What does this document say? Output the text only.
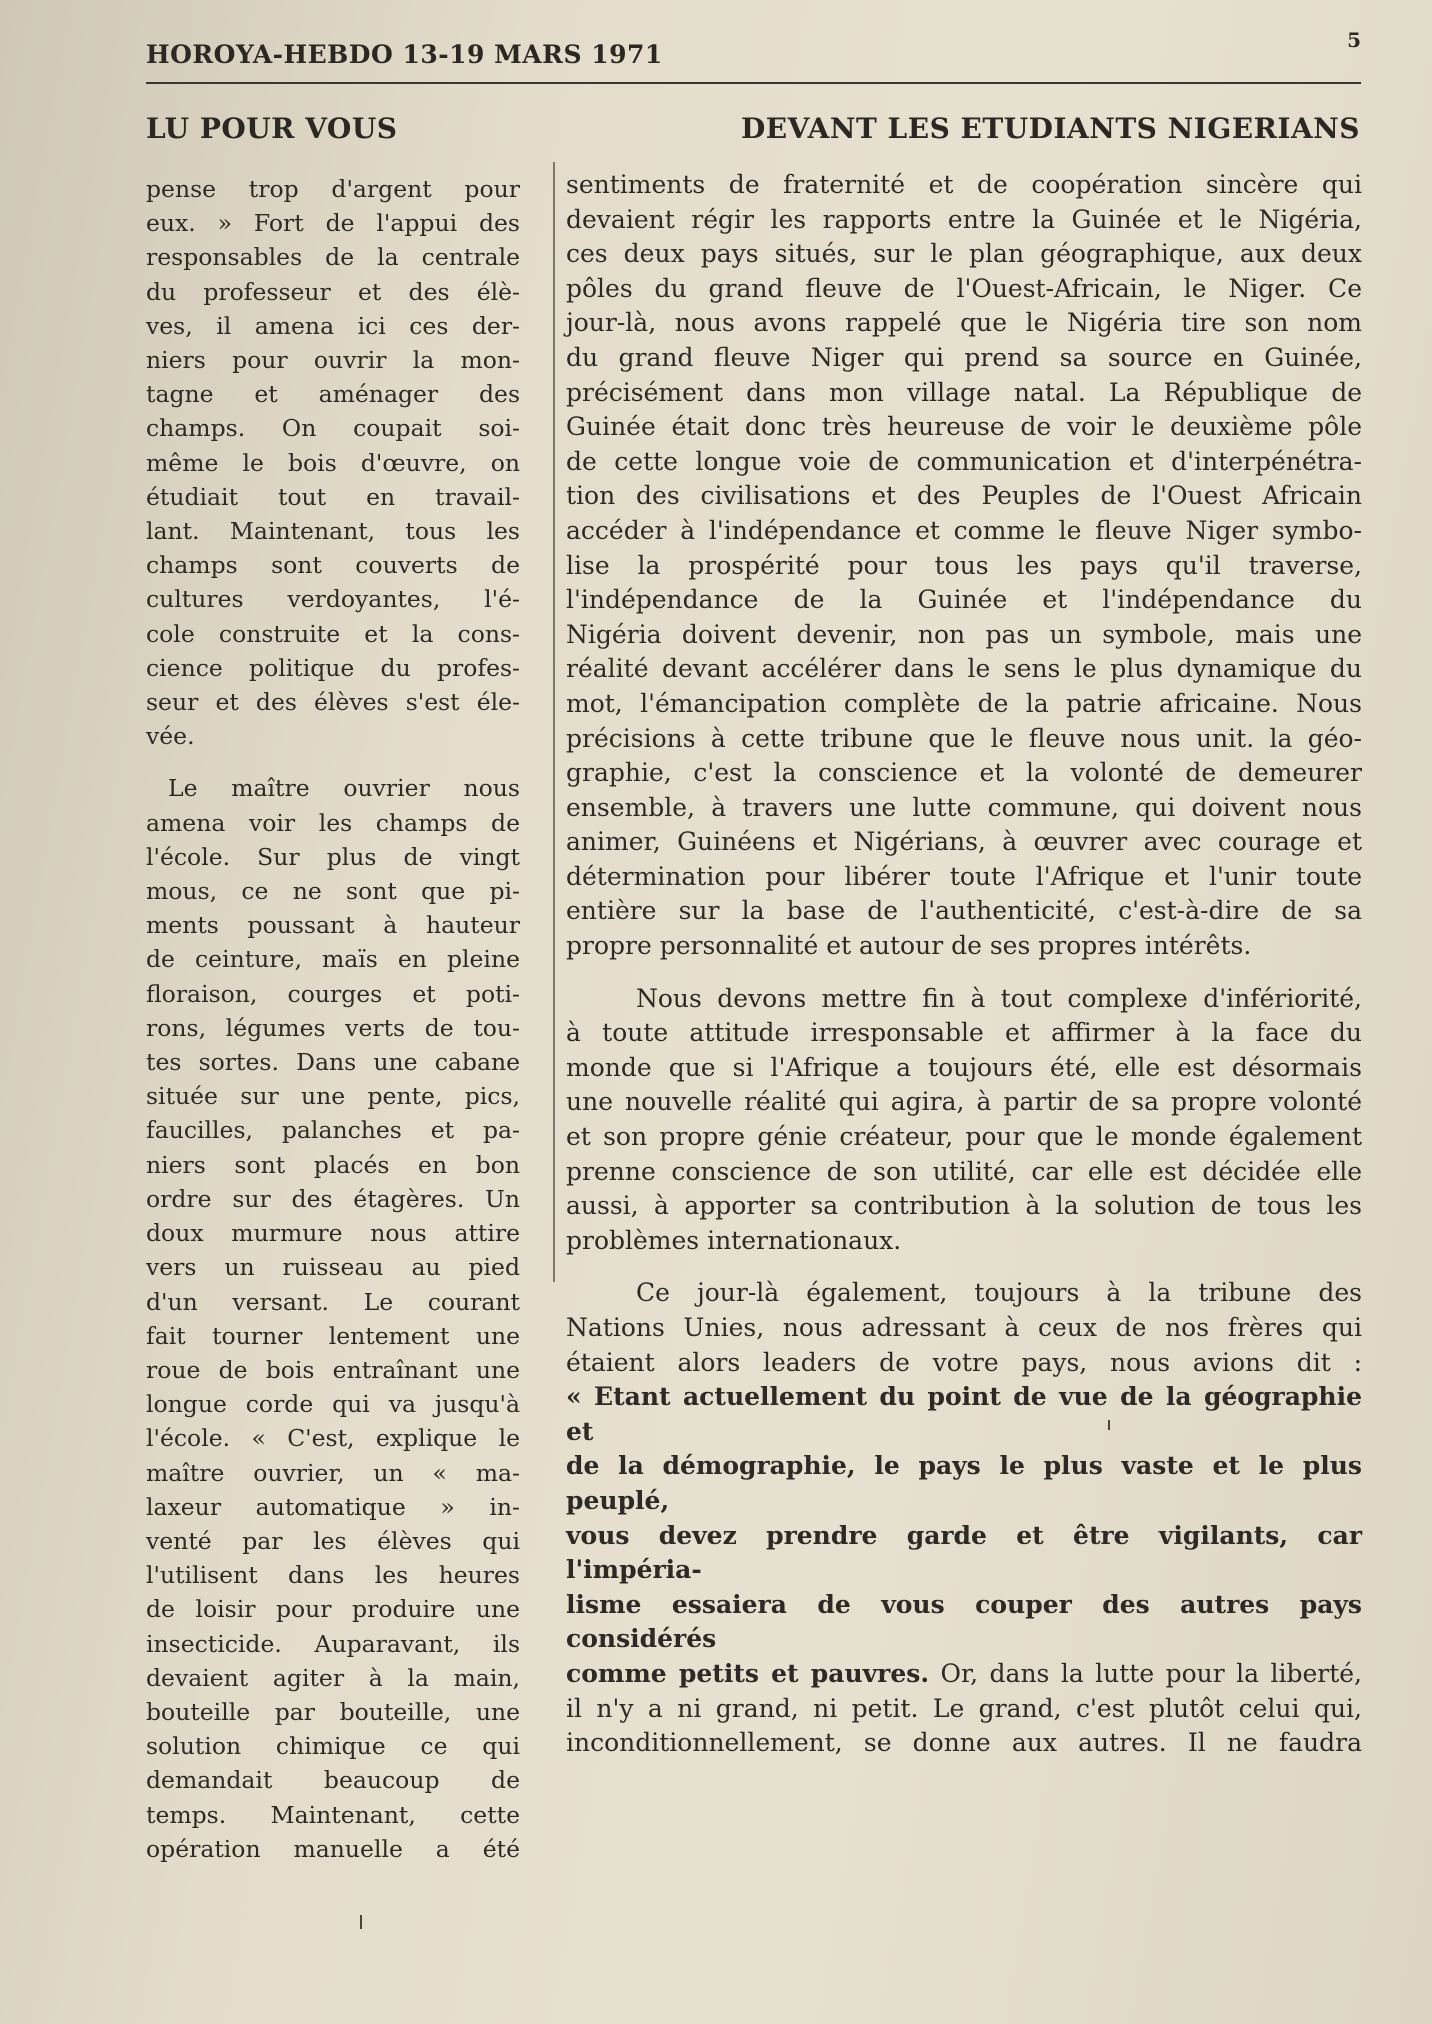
HOROYA-HEBDO 13-19 MARS 1971	5
LU POUR VOUS	DEVANT LES ETUDIANTS NIGERIANS

pense trop d'argent pour

eux. » Fort de l'appui des

responsables de la centrale

du professeur et des élè-

ves, il amena ici ces der-

niers pour ouvrir la mon-

tagne et aménager des

champs. On coupait soi-

même le bois d'œuvre, on

étudiait tout en travail-

lant. Maintenant, tous les

champs sont couverts de

cultures verdoyantes, l'é-

cole construite et la cons-

cience politique du profes-

seur et des élèves s'est éle-

vée.

Le maître ouvrier nous

amena voir les champs de

l'école. Sur plus de vingt

mous, ce ne sont que pi-

ments poussant à hauteur

de ceinture, maïs en pleine

floraison, courges et poti-

rons, légumes verts de tou-

tes sortes. Dans une cabane

située sur une pente, pics,

faucilles, palanches et pa-

niers sont placés en bon

ordre sur des étagères. Un

doux murmure nous attire

vers un ruisseau au pied

d'un versant. Le courant

fait tourner lentement une

roue de bois entraînant une

longue corde qui va jusqu'à

l'école. « C'est, explique le

maître ouvrier, un « ma-

laxeur automatique » in-

venté par les élèves qui

l'utilisent dans les heures

de loisir pour produire une

insecticide. Auparavant, ils

devaient agiter à la main,

bouteille par bouteille, une

solution chimique ce qui

demandait beaucoup de

temps. Maintenant, cette

opération manuelle a été

sentiments de fraternité et de coopération sincère qui

devaient régir les rapports entre la Guinée et le Nigéria,

ces deux pays situés, sur le plan géographique, aux deux

pôles du grand fleuve de l'Ouest-Africain, le Niger. Ce

jour-là, nous avons rappelé que le Nigéria tire son nom

du grand fleuve Niger qui prend sa source en Guinée,

précisément dans mon village natal. La République de

Guinée était donc très heureuse de voir le deuxième pôle

de cette longue voie de communication et d'interpénétra-

tion des civilisations et des Peuples de l'Ouest Africain

accéder à l'indépendance et comme le fleuve Niger symbo-

lise la prospérité pour tous les pays qu'il traverse,

l'indépendance de la Guinée et l'indépendance du

Nigéria doivent devenir, non pas un symbole, mais une

réalité devant accélérer dans le sens le plus dynamique du

mot, l'émancipation complète de la patrie africaine. Nous

précisions à cette tribune que le fleuve nous unit. la géo-

graphie, c'est la conscience et la volonté de demeurer

ensemble, à travers une lutte commune, qui doivent nous

animer, Guinéens et Nigérians, à œuvrer avec courage et

détermination pour libérer toute l'Afrique et l'unir toute

entière sur la base de l'authenticité, c'est-à-dire de sa

propre personnalité et autour de ses propres intérêts.

Nous devons mettre fin à tout complexe d'infériorité,

à toute attitude irresponsable et affirmer à la face du

monde que si l'Afrique a toujours été, elle est désormais

une nouvelle réalité qui agira, à partir de sa propre volonté

et son propre génie créateur, pour que le monde également

prenne conscience de son utilité, car elle est décidée elle

aussi, à apporter sa contribution à la solution de tous les

problèmes internationaux.

Ce jour-là également, toujours à la tribune des

Nations Unies, nous adressant à ceux de nos frères qui

étaient alors leaders de votre pays, nous avions dit :

« Etant actuellement du point de vue de la géographie et

de la démographie, le pays le plus vaste et le plus peuplé,

vous devez prendre garde et être vigilants, car l'impéria-

lisme essaiera de vous couper des autres pays considérés

comme petits et pauvres. Or, dans la lutte pour la liberté,

il n'y a ni grand, ni petit. Le grand, c'est plutôt celui qui,

inconditionnellement, se donne aux autres. Il ne faudra
